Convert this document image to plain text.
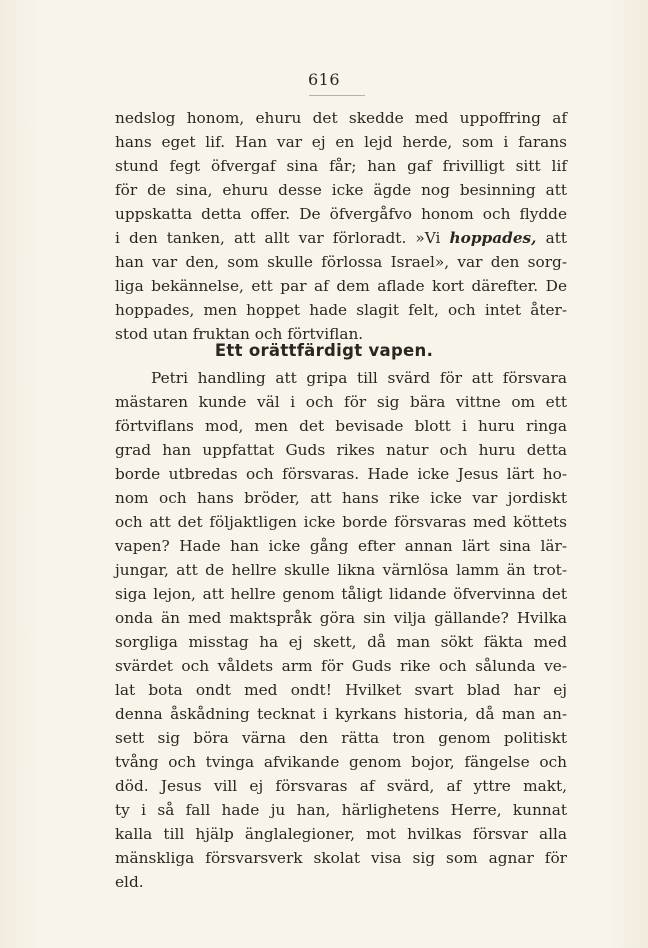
616
nedslog honom, ehuru det skedde med uppoffring af
hans eget lif. Han var ej en lejd herde, som i farans
stund fegt öfvergaf sina får; han gaf frivilligt sitt lif
för de sina, ehuru desse icke ägde nog besinning att
uppskatta detta offer. De öfvergåfvo honom och flydde
i den tanken, att allt var förloradt. »Vi hoppades, att
han var den, som skulle förlossa Israel», var den sorg-
liga bekännelse, ett par af dem aflade kort därefter. De
hoppades, men hoppet hade slagit felt, och intet åter-
stod utan fruktan och förtviflan.
Ett orättfärdigt vapen.
Petri handling att gripa till svärd för att försvara
mästaren kunde väl i och för sig bära vittne om ett
förtviflans mod, men det bevisade blott i huru ringa
grad han uppfattat Guds rikes natur och huru detta
borde utbredas och försvaras. Hade icke Jesus lärt ho-
nom och hans bröder, att hans rike icke var jordiskt
och att det följaktligen icke borde försvaras med köttets
vapen? Hade han icke gång efter annan lärt sina lär-
jungar, att de hellre skulle likna värnlösa lamm än trot-
siga lejon, att hellre genom tåligt lidande öfvervinna det
onda än med maktspråk göra sin vilja gällande? Hvilka
sorgliga misstag ha ej skett, då man sökt fäkta med
svärdet och våldets arm för Guds rike och sålunda ve-
lat bota ondt med ondt! Hvilket svart blad har ej
denna åskådning tecknat i kyrkans historia, då man an-
sett sig böra värna den rätta tron genom politiskt
tvång och tvinga afvikande genom bojor, fängelse och
död. Jesus vill ej försvaras af svärd, af yttre makt,
ty i så fall hade ju han, härlighetens Herre, kunnat
kalla till hjälp änglalegioner, mot hvilkas försvar alla
mänskliga försvarsverk skolat visa sig som agnar för
eld.
